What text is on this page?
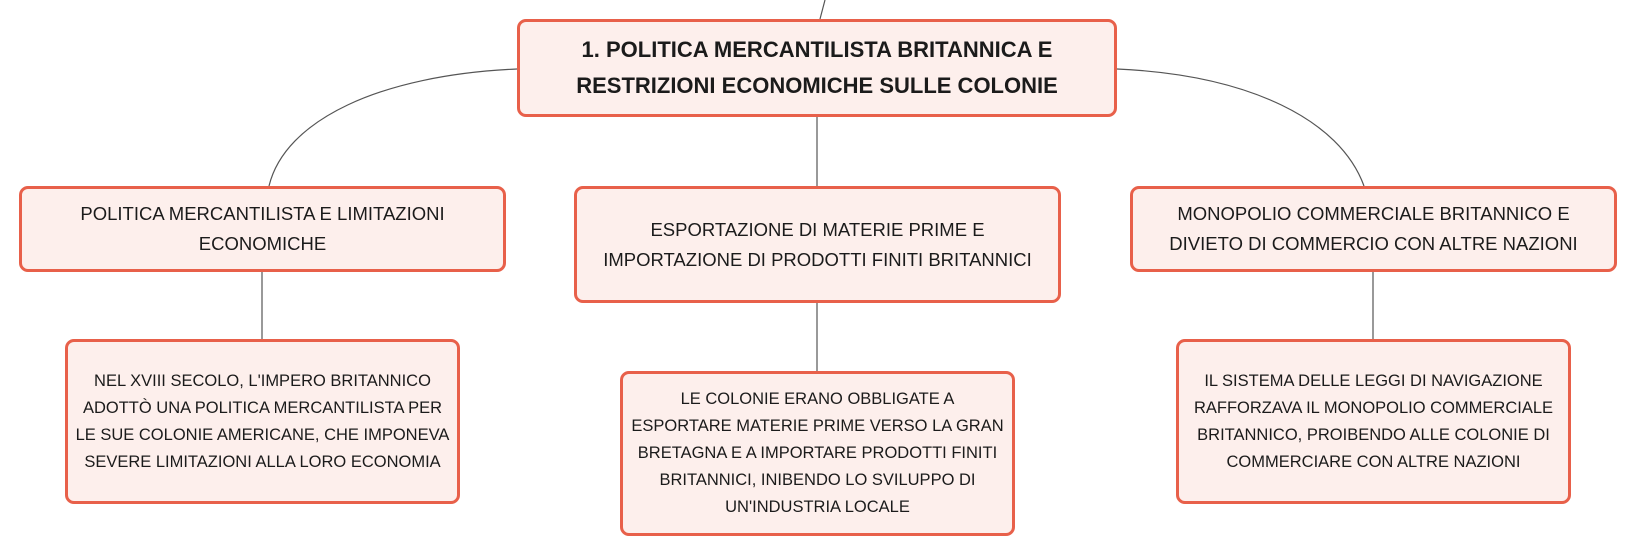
1. POLITICA MERCANTILISTA BRITANNICA E RESTRIZIONI ECONOMICHE SULLE COLONIE
POLITICA MERCANTILISTA E LIMITAZIONI ECONOMICHE
ESPORTAZIONE DI MATERIE PRIME E IMPORTAZIONE DI PRODOTTI FINITI BRITANNICI
MONOPOLIO COMMERCIALE BRITANNICO E DIVIETO DI COMMERCIO CON ALTRE NAZIONI
NEL XVIII SECOLO, L'IMPERO BRITANNICO ADOTTÒ UNA POLITICA MERCANTILISTA PER LE SUE COLONIE AMERICANE, CHE IMPONEVA SEVERE LIMITAZIONI ALLA LORO ECONOMIA
LE COLONIE ERANO OBBLIGATE A ESPORTARE MATERIE PRIME VERSO LA GRAN BRETAGNA E A IMPORTARE PRODOTTI FINITI BRITANNICI, INIBENDO LO SVILUPPO DI UN'INDUSTRIA LOCALE
IL SISTEMA DELLE LEGGI DI NAVIGAZIONE RAFFORZAVA IL MONOPOLIO COMMERCIALE BRITANNICO, PROIBENDO ALLE COLONIE DI COMMERCIARE CON ALTRE NAZIONI
